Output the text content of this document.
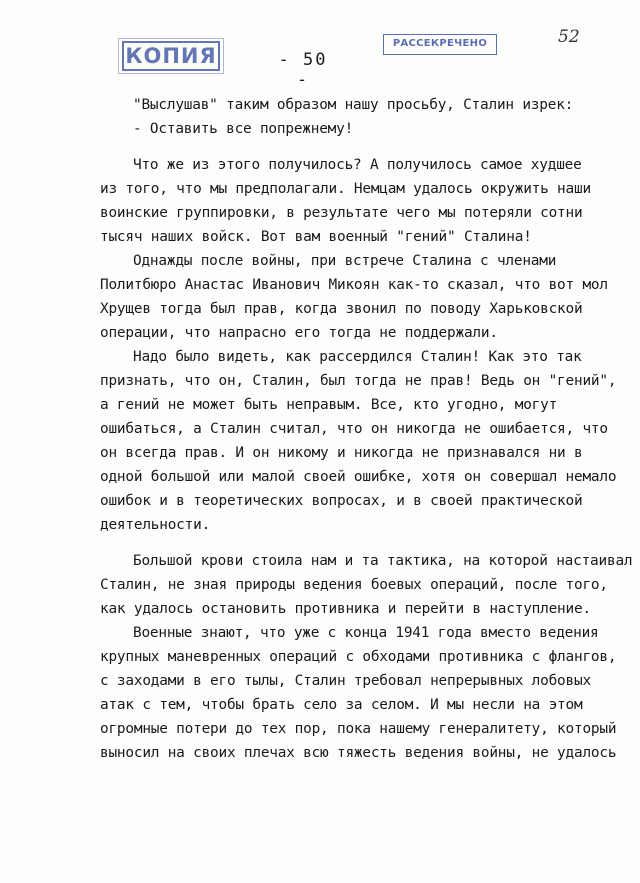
КОПИЯ	- 50 -
РАССЕКРЕЧЕНО	52
"Выслушав" таким образом нашу просьбу, Сталин изрек:
- Оставить все попрежнему!
Что же из этого получилось? А получилось самое худшее
из того, что мы предполагали. Немцам удалось окружить наши
воинские группировки, в результате чего мы потеряли сотни
тысяч наших войск. Вот вам военный "гений" Сталина!
Однажды после войны, при встрече Сталина с членами
Политбюро Анастас Иванович Микоян как-то сказал, что вот мол
Хрущев тогда был прав, когда звонил по поводу Харьковской
операции, что напрасно его тогда не поддержали.
Надо было видеть, как рассердился Сталин! Как это так
признать, что он, Сталин, был тогда не прав! Ведь он "гений",
а гений не может быть неправым. Все, кто угодно, могут
ошибаться, а Сталин считал, что он никогда не ошибается, что
он всегда прав. И он никому и никогда не признавался ни в
одной большой или малой своей ошибке, хотя он совершал немало
ошибок и в теоретических вопросах, и в своей практической
деятельности.
Большой крови стоила нам и та тактика, на которой настаивал
Сталин, не зная природы ведения боевых операций, после того,
как удалось остановить противника и перейти в наступление.
Военные знают, что уже с конца 1941 года вместо ведения
крупных маневренных операций с обходами противника с флангов,
с заходами в его тылы, Сталин требовал непрерывных лобовых
атак с тем, чтобы брать село за селом. И мы несли на этом
огромные потери до тех пор, пока нашему генералитету, который
выносил на своих плечах всю тяжесть ведения войны, не удалось
